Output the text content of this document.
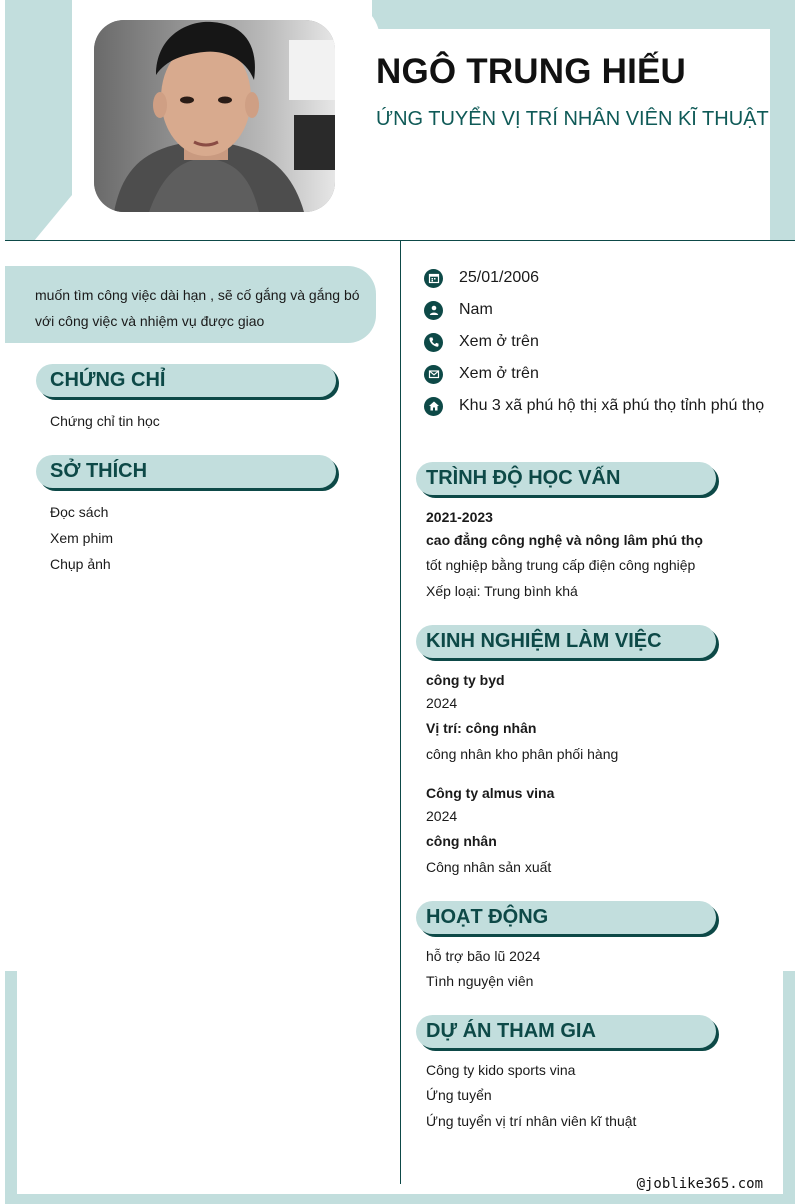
NGÔ TRUNG HIẾU
ỨNG TUYỂN VỊ TRÍ NHÂN VIÊN KĨ THUẬT
muốn tìm công việc dài hạn , sẽ cố gắng và gắng bó với công việc và nhiệm vụ được giao
CHỨNG CHỈ
Chứng chỉ tin học
SỞ THÍCH
Đọc sách
Xem phim
Chụp ảnh
25/01/2006
Nam
Xem ở trên
Xem ở trên
Khu 3 xã phú hộ thị xã phú thọ tỉnh phú thọ
TRÌNH ĐỘ HỌC VẤN
2021-2023
cao đẳng công nghệ và nông lâm phú thọ
tốt nghiệp bằng trung cấp điện công nghiệp
Xếp loại: Trung bình khá
KINH NGHIỆM LÀM VIỆC
công ty byd
2024
Vị trí: công nhân
công nhân kho phân phối hàng
Công ty almus vina
2024
công nhân
Công nhân sản xuất
HOẠT ĐỘNG
hỗ trợ bão lũ 2024
Tình nguyện viên
DỰ ÁN THAM GIA
Công ty kido sports vina
Ứng tuyển
Ứng tuyển vị trí nhân viên kĩ thuật
@joblike365.com
